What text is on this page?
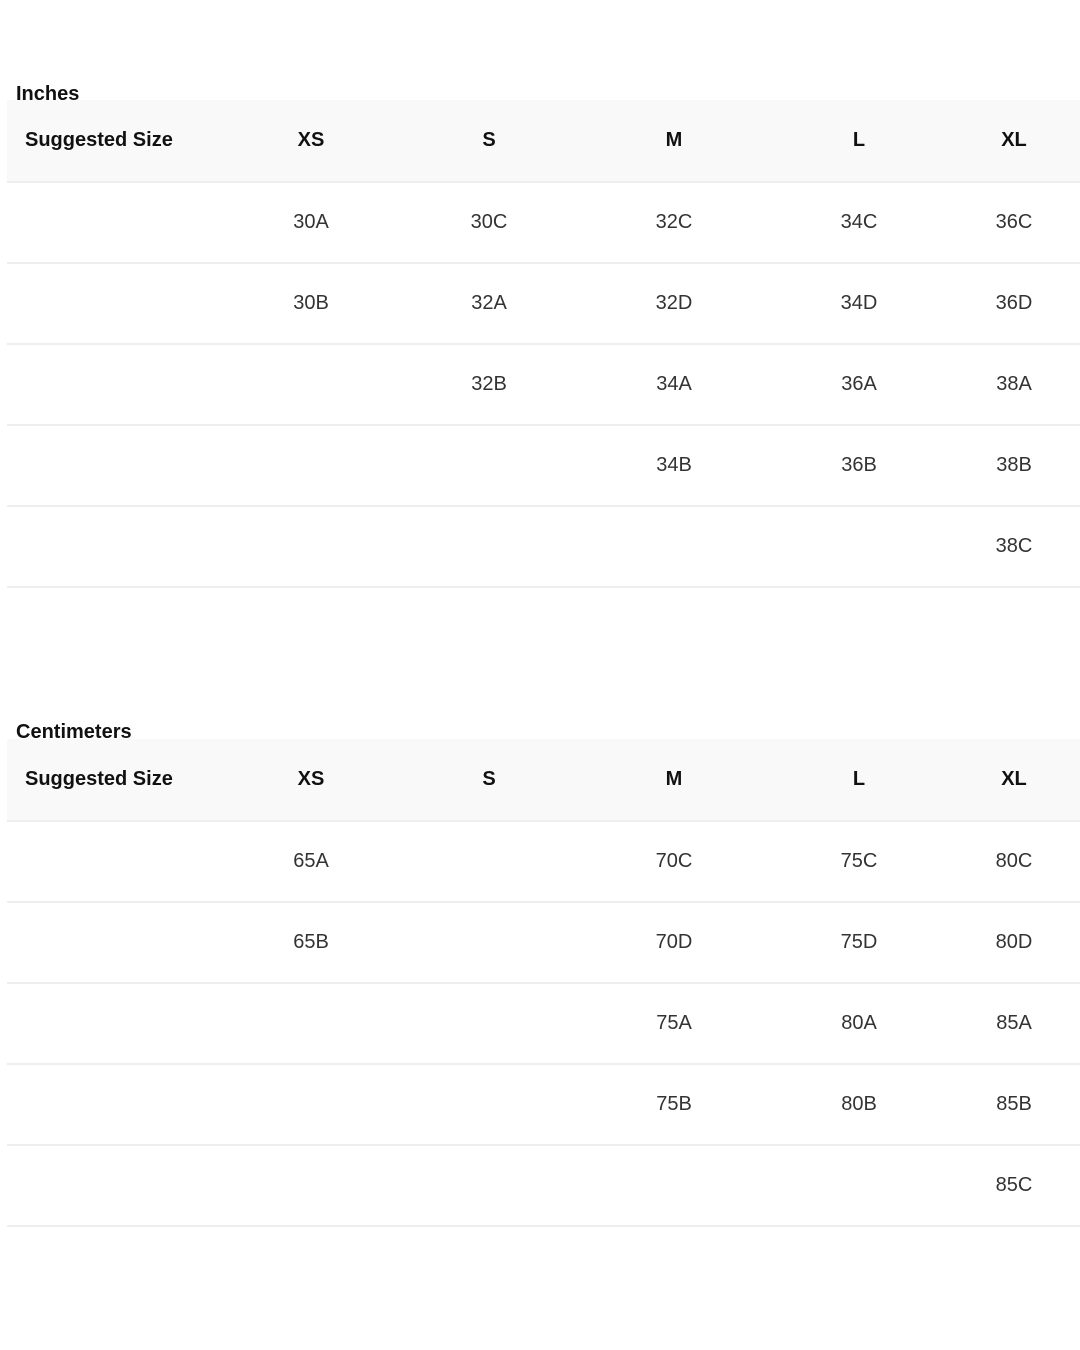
Inches
Suggested Size	XS	S	M	L	XL
	30A	30C	32C	34C	36C
	30B	32A	32D	34D	36D
		32B	34A	36A	38A
			34B	36B	38B
					38C
Centimeters
Suggested Size	XS	S	M	L	XL
	65A		70C	75C	80C
	65B		70D	75D	80D
			75A	80A	85A
			75B	80B	85B
					85C
